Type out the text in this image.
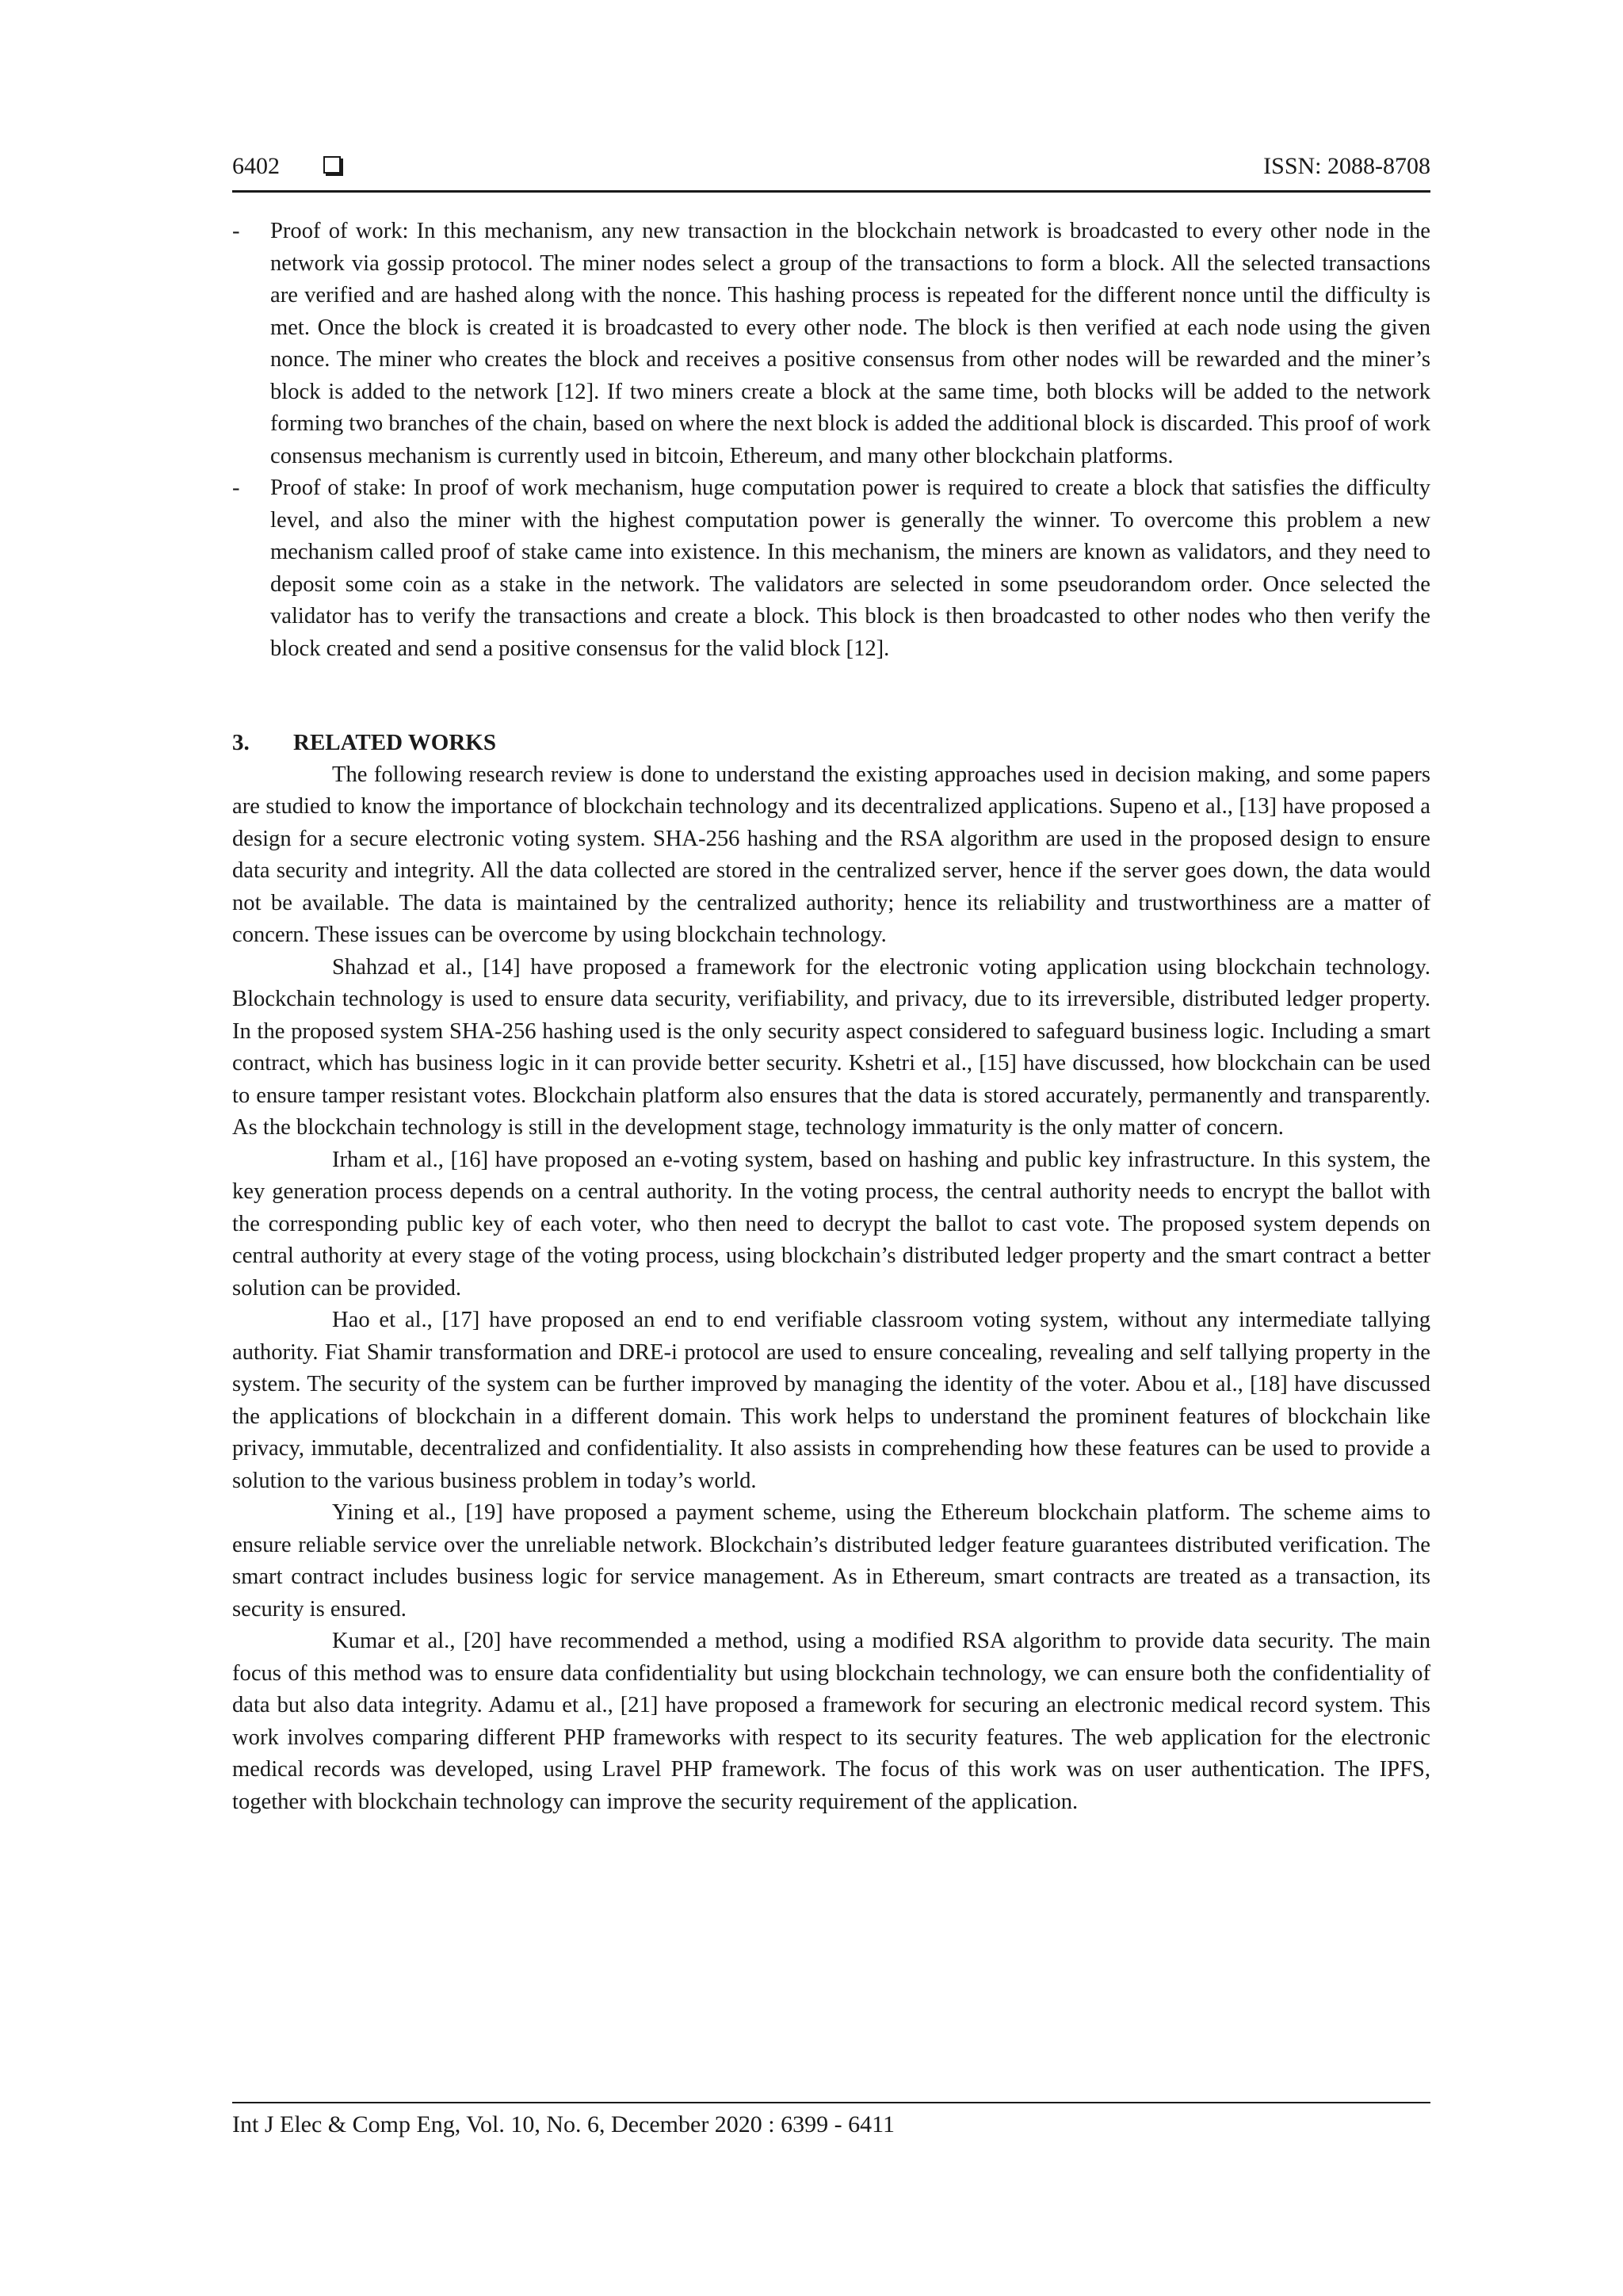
6402	ISSN: 2088-8708
- Proof of work: In this mechanism, any new transaction in the blockchain network is broadcasted to every other node in the network via gossip protocol. The miner nodes select a group of the transactions to form a block. All the selected transactions are verified and are hashed along with the nonce. This hashing process is repeated for the different nonce until the difficulty is met. Once the block is created it is broadcasted to every other node. The block is then verified at each node using the given nonce. The miner who creates the block and receives a positive consensus from other nodes will be rewarded and the miner’s block is added to the network [12]. If two miners create a block at the same time, both blocks will be added to the network forming two branches of the chain, based on where the next block is added the additional block is discarded. This proof of work consensus mechanism is currently used in bitcoin, Ethereum, and many other blockchain platforms.

- Proof of stake: In proof of work mechanism, huge computation power is required to create a block that satisfies the difficulty level, and also the miner with the highest computation power is generally the winner. To overcome this problem a new mechanism called proof of stake came into existence. In this mechanism, the miners are known as validators, and they need to deposit some coin as a stake in the network. The validators are selected in some pseudorandom order. Once selected the validator has to verify the transactions and create a block. This block is then broadcasted to other nodes who then verify the block created and send a positive consensus for the valid block [12].

3. RELATED WORKS

The following research review is done to understand the existing approaches used in decision making, and some papers are studied to know the importance of blockchain technology and its decentralized applications. Supeno et al., [13] have proposed a design for a secure electronic voting system. SHA-256 hashing and the RSA algorithm are used in the proposed design to ensure data security and integrity. All the data collected are stored in the centralized server, hence if the server goes down, the data would not be available. The data is maintained by the centralized authority; hence its reliability and trustworthiness are a matter of concern. These issues can be overcome by using blockchain technology.

Shahzad et al., [14] have proposed a framework for the electronic voting application using blockchain technology. Blockchain technology is used to ensure data security, verifiability, and privacy, due to its irreversible, distributed ledger property. In the proposed system SHA-256 hashing used is the only security aspect considered to safeguard business logic. Including a smart contract, which has business logic in it can provide better security. Kshetri et al., [15] have discussed, how blockchain can be used to ensure tamper resistant votes. Blockchain platform also ensures that the data is stored accurately, permanently and transparently. As the blockchain technology is still in the development stage, technology immaturity is the only matter of concern.

Irham et al., [16] have proposed an e-voting system, based on hashing and public key infrastructure. In this system, the key generation process depends on a central authority. In the voting process, the central authority needs to encrypt the ballot with the corresponding public key of each voter, who then need to decrypt the ballot to cast vote. The proposed system depends on central authority at every stage of the voting process, using blockchain’s distributed ledger property and the smart contract a better solution can be provided.

Hao et al., [17] have proposed an end to end verifiable classroom voting system, without any intermediate tallying authority. Fiat Shamir transformation and DRE-i protocol are used to ensure concealing, revealing and self tallying property in the system. The security of the system can be further improved by managing the identity of the voter. Abou et al., [18] have discussed the applications of blockchain in a different domain. This work helps to understand the prominent features of blockchain like privacy, immutable, decentralized and confidentiality. It also assists in comprehending how these features can be used to provide a solution to the various business problem in today’s world.

Yining et al., [19] have proposed a payment scheme, using the Ethereum blockchain platform. The scheme aims to ensure reliable service over the unreliable network. Blockchain’s distributed ledger feature guarantees distributed verification. The smart contract includes business logic for service management. As in Ethereum, smart contracts are treated as a transaction, its security is ensured.

Kumar et al., [20] have recommended a method, using a modified RSA algorithm to provide data security. The main focus of this method was to ensure data confidentiality but using blockchain technology, we can ensure both the confidentiality of data but also data integrity. Adamu et al., [21] have proposed a framework for securing an electronic medical record system. This work involves comparing different PHP frameworks with respect to its security features. The web application for the electronic medical records was developed, using Lravel PHP framework. The focus of this work was on user authentication. The IPFS, together with blockchain technology can improve the security requirement of the application.

Int J Elec & Comp Eng, Vol. 10, No. 6, December 2020 : 6399 - 6411
